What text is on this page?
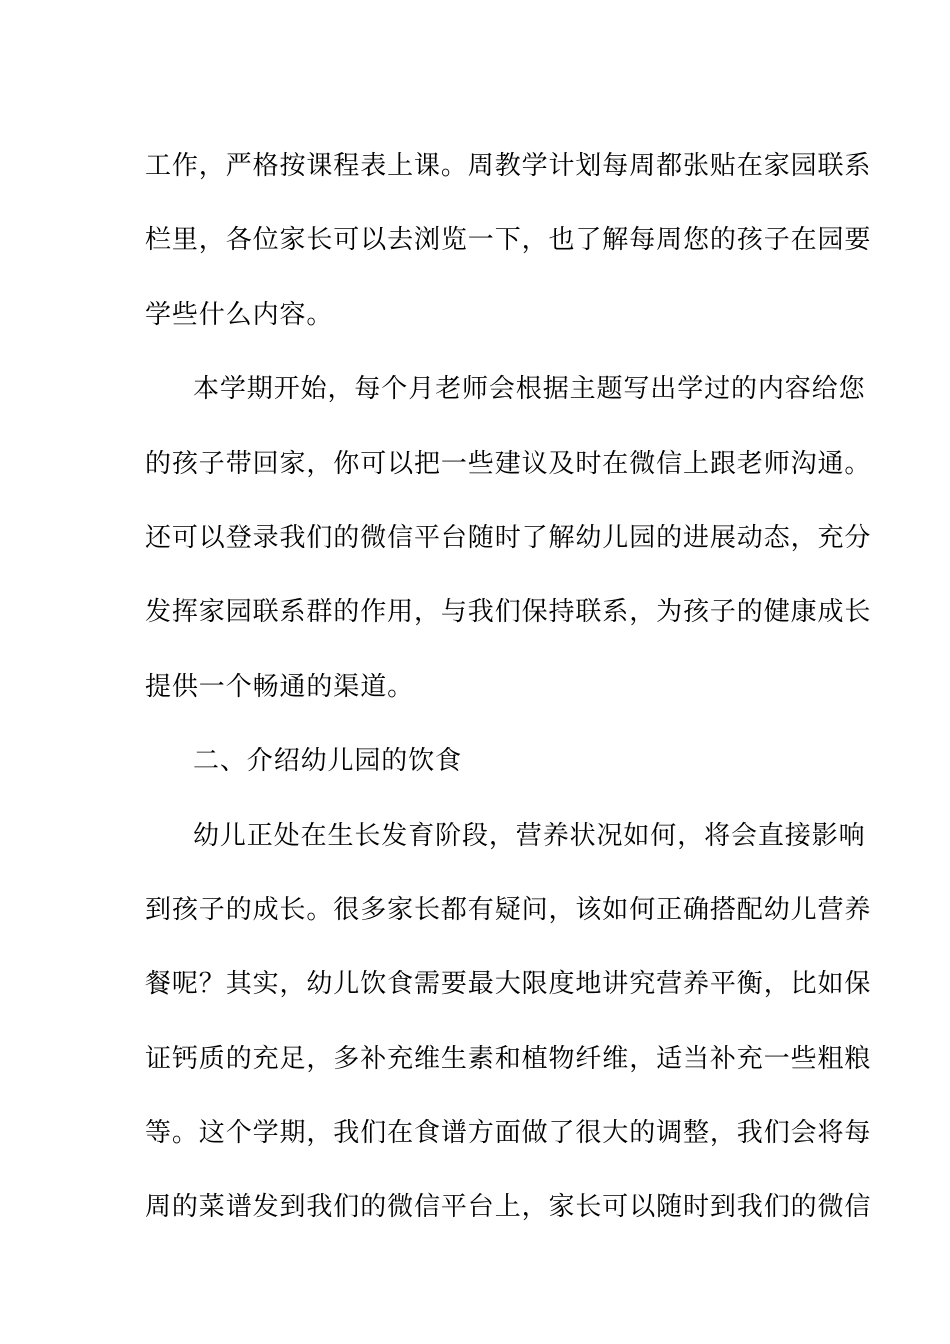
工作，严格按课程表上课。周教学计划每周都张贴在家园联系
栏里，各位家长可以去浏览一下，也了解每周您的孩子在园要
学些什么内容。
本学期开始，每个月老师会根据主题写出学过的内容给您
的孩子带回家，你可以把一些建议及时在微信上跟老师沟通。
还可以登录我们的微信平台随时了解幼儿园的进展动态，充分
发挥家园联系群的作用，与我们保持联系，为孩子的健康成长
提供一个畅通的渠道。
二、介绍幼儿园的饮食
幼儿正处在生长发育阶段，营养状况如何，将会直接影响
到孩子的成长。很多家长都有疑问，该如何正确搭配幼儿营养
餐呢？其实，幼儿饮食需要最大限度地讲究营养平衡，比如保
证钙质的充足，多补充维生素和植物纤维，适当补充一些粗粮
等。这个学期，我们在食谱方面做了很大的调整，我们会将每
周的菜谱发到我们的微信平台上，家长可以随时到我们的微信
